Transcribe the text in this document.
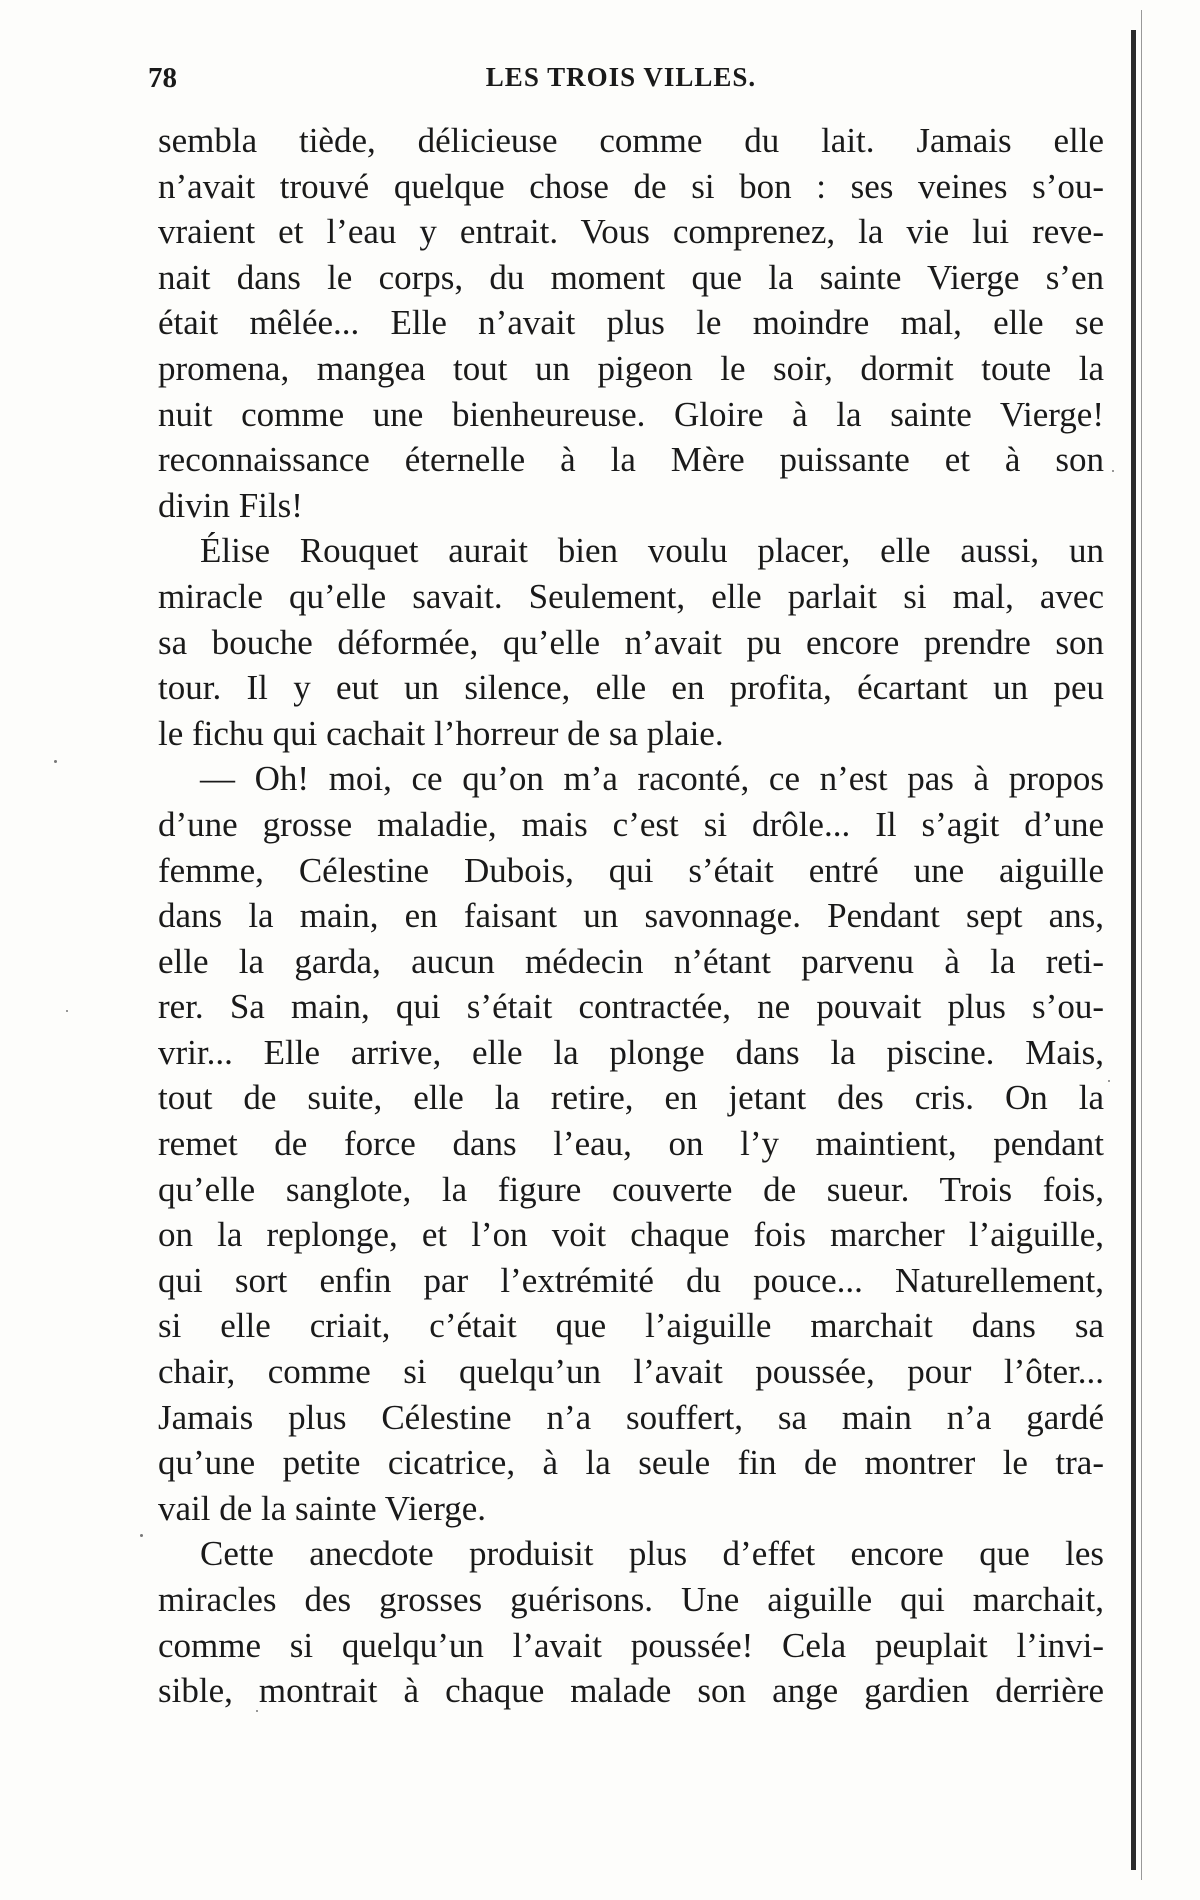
78	LES TROIS VILLES.

sembla tiède, délicieuse comme du lait. Jamais elle
n’avait trouvé quelque chose de si bon : ses veines s’ou-
vraient et l’eau y entrait. Vous comprenez, la vie lui reve-
nait dans le corps, du moment que la sainte Vierge s’en
était mêlée... Elle n’avait plus le moindre mal, elle se
promena, mangea tout un pigeon le soir, dormit toute la
nuit comme une bienheureuse. Gloire à la sainte Vierge!
reconnaissance éternelle à la Mère puissante et à son

divin Fils!

Élise Rouquet aurait bien voulu placer, elle aussi, un
miracle qu’elle savait. Seulement, elle parlait si mal, avec
sa bouche déformée, qu’elle n’avait pu encore prendre son
tour. Il y eut un silence, elle en profita, écartant un peu

le fichu qui cachait l’horreur de sa plaie.

— Oh! moi, ce qu’on m’a raconté, ce n’est pas à propos
d’une grosse maladie, mais c’est si drôle... Il s’agit d’une
femme, Célestine Dubois, qui s’était entré une aiguille
dans la main, en faisant un savonnage. Pendant sept ans,
elle la garda, aucun médecin n’étant parvenu à la reti-
rer. Sa main, qui s’était contractée, ne pouvait plus s’ou-
vrir... Elle arrive, elle la plonge dans la piscine. Mais,
tout de suite, elle la retire, en jetant des cris. On la
remet de force dans l’eau, on l’y maintient, pendant
qu’elle sanglote, la figure couverte de sueur. Trois fois,
on la replonge, et l’on voit chaque fois marcher l’aiguille,
qui sort enfin par l’extrémité du pouce... Naturellement,
si elle criait, c’était que l’aiguille marchait dans sa
chair, comme si quelqu’un l’avait poussée, pour l’ôter...
Jamais plus Célestine n’a souffert, sa main n’a gardé
qu’une petite cicatrice, à la seule fin de montrer le tra-

vail de la sainte Vierge.

Cette anecdote produisit plus d’effet encore que les
miracles des grosses guérisons. Une aiguille qui marchait,
comme si quelqu’un l’avait poussée! Cela peuplait l’invi-
sible, montrait à chaque malade son ange gardien derrière
